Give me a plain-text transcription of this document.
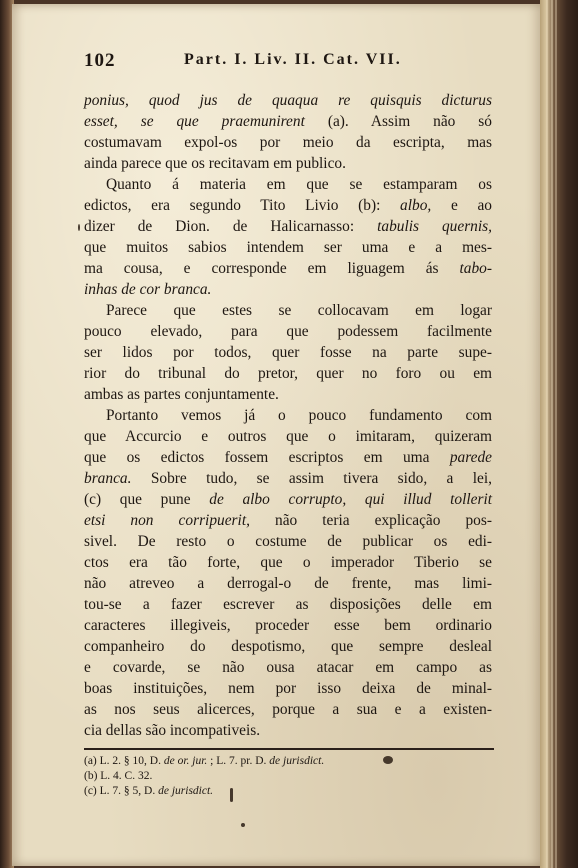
102	Part. I. Liv. II. Cat. VII.
ponius, quod jus de quaqua re quisquis dicturus
esset, se que praemunirent (a). Assim não só
costumavam expol-os por meio da escripta, mas
ainda parece que os recitavam em publico.
Quanto á materia em que se estamparam os
edictos, era segundo Tito Livio (b): albo, e ao
dizer de Dion. de Halicarnasso: tabulis quernis,
que muitos sabios intendem ser uma e a mes-
ma cousa, e corresponde em liguagem ás tabo-
inhas de cor branca.
Parece que estes se collocavam em logar
pouco elevado, para que podessem facilmente
ser lidos por todos, quer fosse na parte supe-
rior do tribunal do pretor, quer no foro ou em
ambas as partes conjuntamente.
Portanto vemos já o pouco fundamento com
que Accurcio e outros que o imitaram, quizeram
que os edictos fossem escriptos em uma parede
branca. Sobre tudo, se assim tivera sido, a lei,
(c) que pune de albo corrupto, qui illud tollerit
etsi non corripuerit, não teria explicação pos-
sivel. De resto o costume de publicar os edi-
ctos era tão forte, que o imperador Tiberio se
não atreveo a derrogal-o de frente, mas limi-
tou-se a fazer escrever as disposições delle em
caracteres illegiveis, proceder esse bem ordinario
companheiro do despotismo, que sempre desleal
e covarde, se não ousa atacar em campo as
boas instituições, nem por isso deixa de minal-
as nos seus alicerces, porque a sua e a existen-
cia dellas são incompativeis.
(a) L. 2. § 10, D. de or. jur. ; L. 7. pr. D. de jurisdict.
(b) L. 4. C. 32.
(c) L. 7. § 5, D. de jurisdict.
